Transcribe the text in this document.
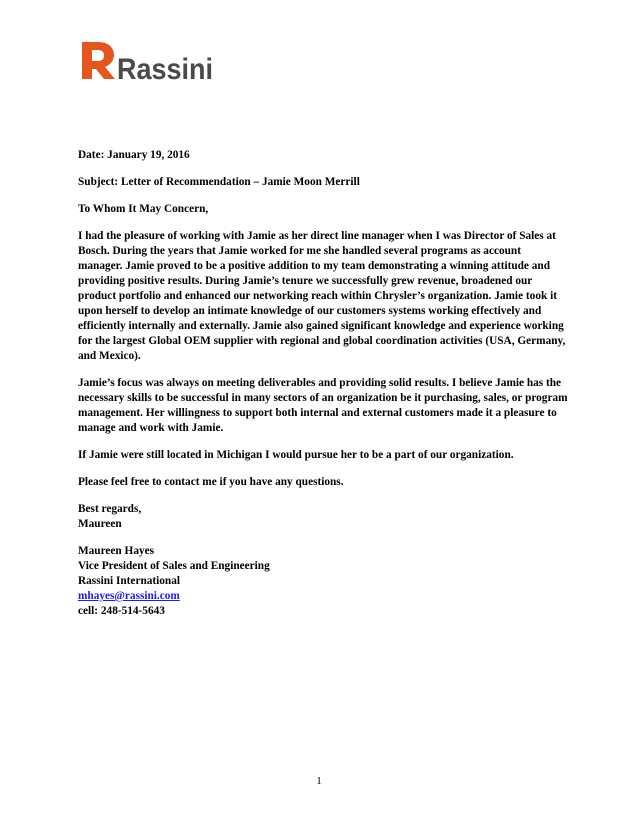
Rassini

Date: January 19, 2016

Subject: Letter of Recommendation – Jamie Moon Merrill

To Whom It May Concern,

I had the pleasure of working with Jamie as her direct line manager when I was Director of Sales at Bosch. During the years that Jamie worked for me she handled several programs as account manager. Jamie proved to be a positive addition to my team demonstrating a winning attitude and providing positive results. During Jamie’s tenure we successfully grew revenue, broadened our product portfolio and enhanced our networking reach within Chrysler’s organization. Jamie took it upon herself to develop an intimate knowledge of our customers systems working effectively and efficiently internally and externally. Jamie also gained significant knowledge and experience working for the largest Global OEM supplier with regional and global coordination activities (USA, Germany, and Mexico).

Jamie’s focus was always on meeting deliverables and providing solid results. I believe Jamie has the necessary skills to be successful in many sectors of an organization be it purchasing, sales, or program management. Her willingness to support both internal and external customers made it a pleasure to manage and work with Jamie.

If Jamie were still located in Michigan I would pursue her to be a part of our organization.

Please feel free to contact me if you have any questions.

Best regards,

Maureen

Maureen Hayes
Vice President of Sales and Engineering
Rassini International
mhayes@rassini.com
cell: 248-514-5643
1
